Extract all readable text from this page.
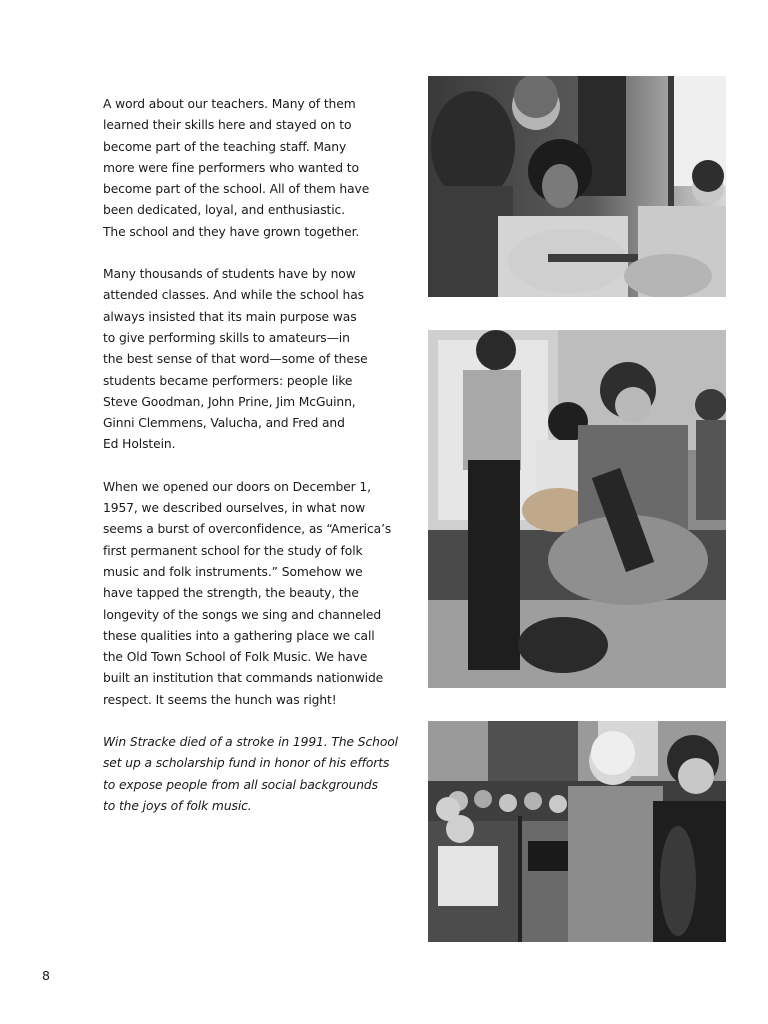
A word about our teachers. Many of them
learned their skills here and stayed on to
become part of the teaching staff. Many
more were fine performers who wanted to
become part of the school. All of them have
been dedicated, loyal, and enthusiastic.
The school and they have grown together.

Many thousands of students have by now
attended classes. And while the school has
always insisted that its main purpose was
to give performing skills to amateurs—in
the best sense of that word—some of these
students became performers: people like
Steve Goodman, John Prine, Jim McGuinn,
Ginni Clemmens, Valucha, and Fred and
Ed Holstein.

When we opened our doors on December 1,
1957, we described ourselves, in what now
seems a burst of overconfidence, as “America’s
first permanent school for the study of folk
music and folk instruments.” Somehow we
have tapped the strength, the beauty, the
longevity of the songs we sing and channeled
these qualities into a gathering place we call
the Old Town School of Folk Music. We have
built an institution that commands nationwide
respect. It seems the hunch was right!

Win Stracke died of a stroke in 1991. The School
set up a scholarship fund in honor of his efforts
to expose people from all social backgrounds
to the joys of folk music.

8
